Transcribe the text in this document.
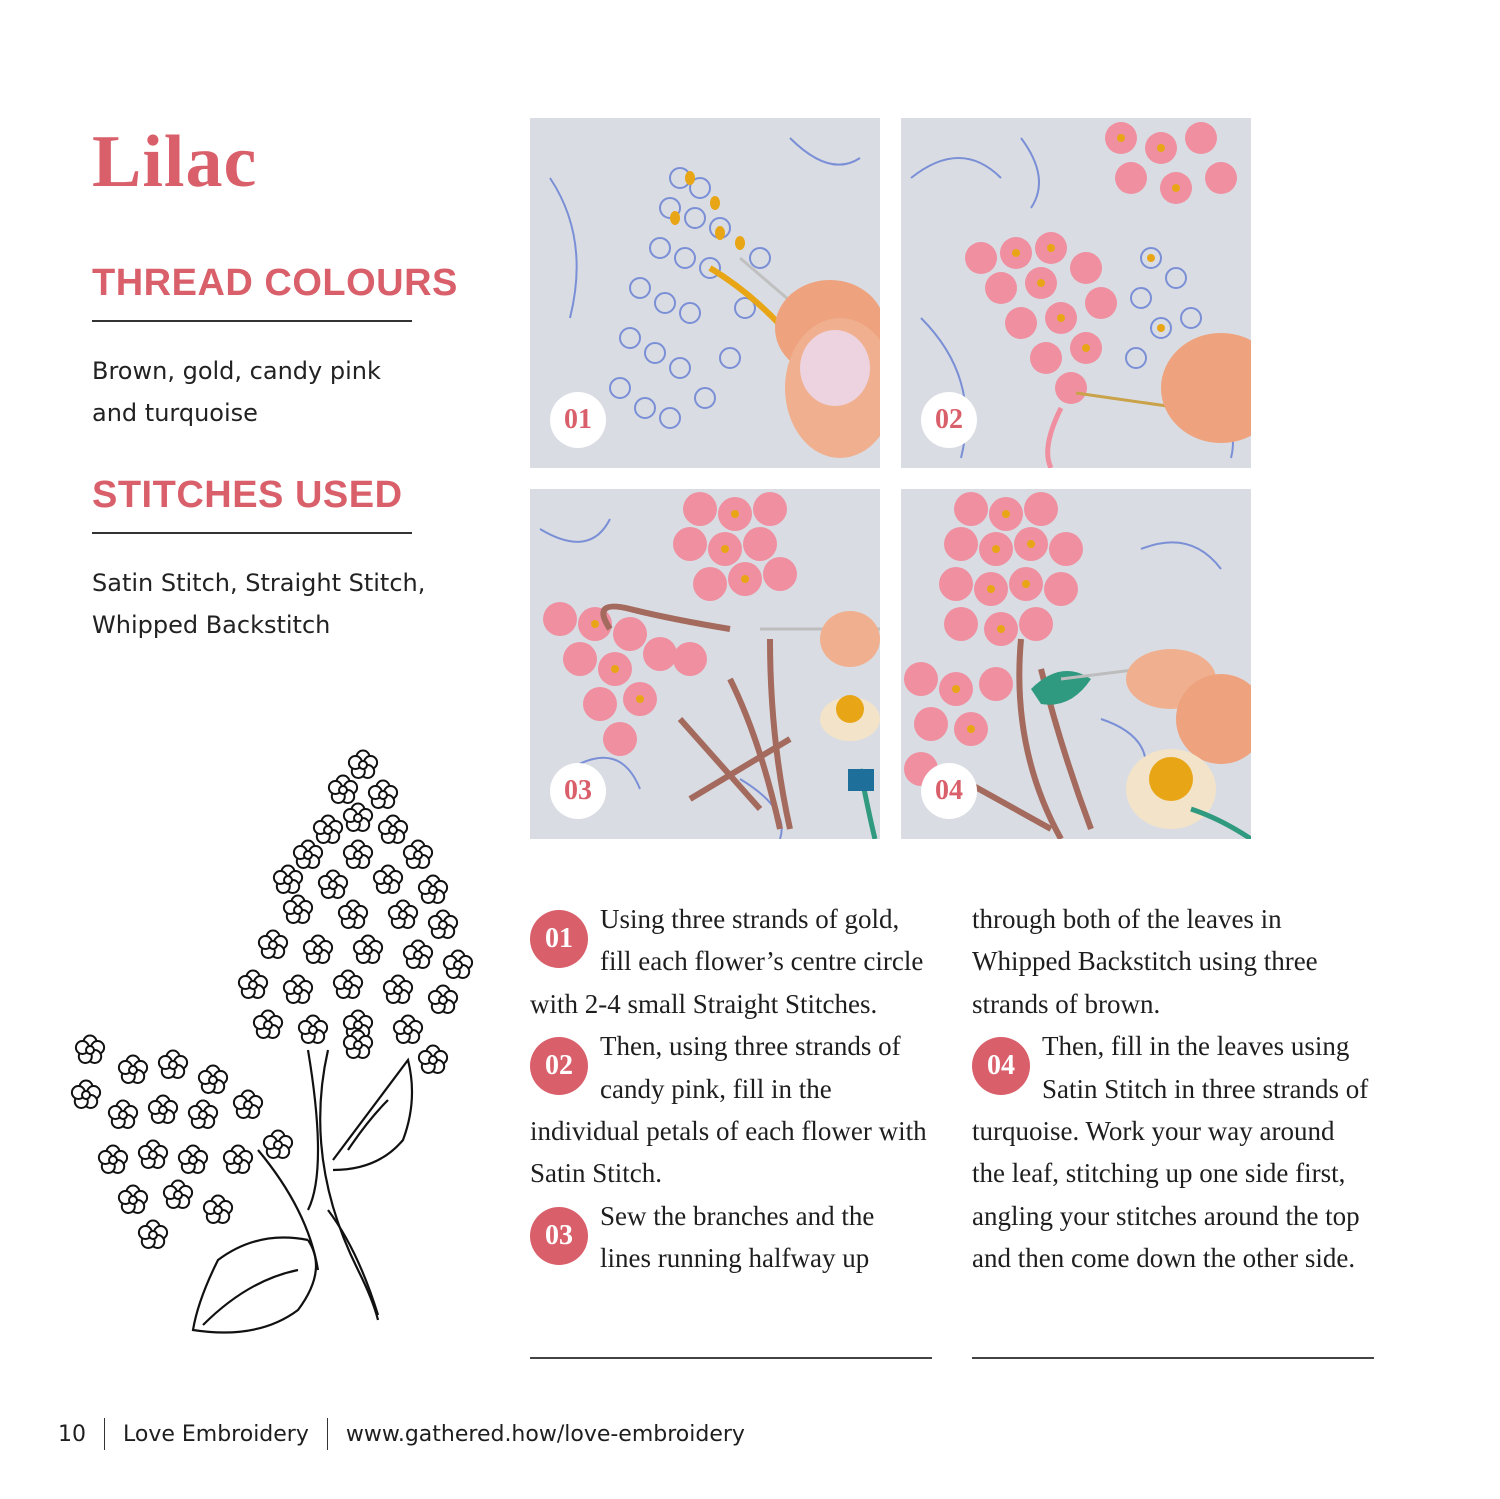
Lilac
THREAD COLOURS

Brown, gold, candy pink
and turquoise

STITCHES USED

Satin Stitch, Straight Stitch,
Whipped Backstitch

01	02
03	04

01
Using three strands of gold, fill each flower’s centre circle with 2-4 small Straight Stitches.

02
Then, using three strands of candy pink, fill in the individual petals of each flower with Satin Stitch.

03
Sew the branches and the lines running halfway up

through both of the leaves in Whipped Backstitch using three strands of brown.

04
Then, fill in the leaves using Satin Stitch in three strands of turquoise. Work your way around the leaf, stitching up one side first, angling your stitches around the top and then come down the other side.

10 Love Embroidery www.gathered.how/love-embroidery
